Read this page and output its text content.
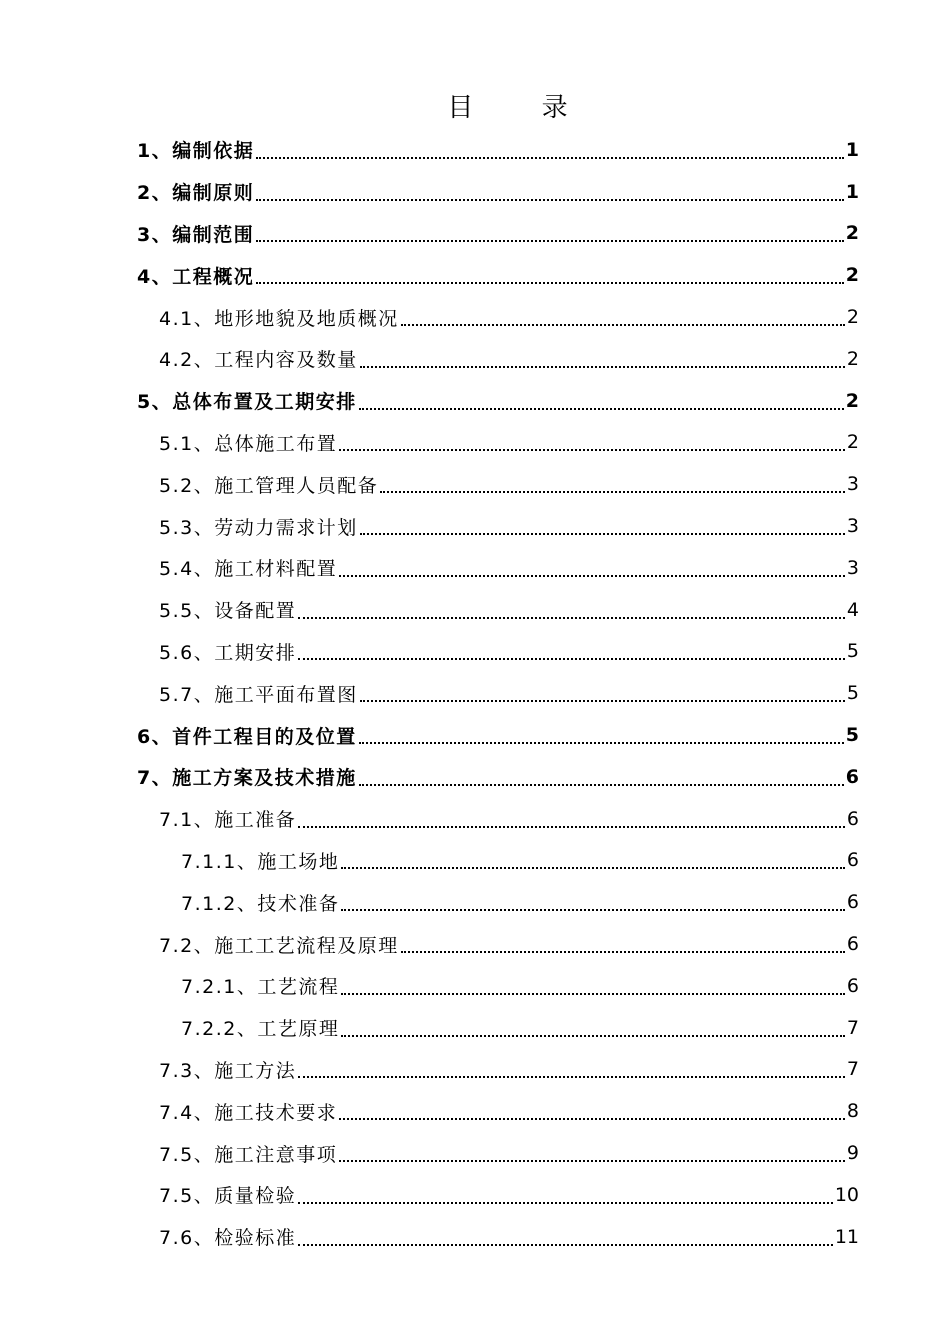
目 录
1、编制依据	1
2、编制原则	1
3、编制范围	2
4、工程概况	2
4.1、地形地貌及地质概况	2
4.2、工程内容及数量	2
5、总体布置及工期安排	2
5.1、总体施工布置	2
5.2、施工管理人员配备	3
5.3、劳动力需求计划	3
5.4、施工材料配置	3
5.5、设备配置	4
5.6、工期安排	5
5.7、施工平面布置图	5
6、首件工程目的及位置	5
7、施工方案及技术措施	6
7.1、施工准备	6
7.1.1、施工场地	6
7.1.2、技术准备	6
7.2、施工工艺流程及原理	6
7.2.1、工艺流程	6
7.2.2、工艺原理	7
7.3、施工方法	7
7.4、施工技术要求	8
7.5、施工注意事项	9
7.5、质量检验	10
7.6、检验标准	11
